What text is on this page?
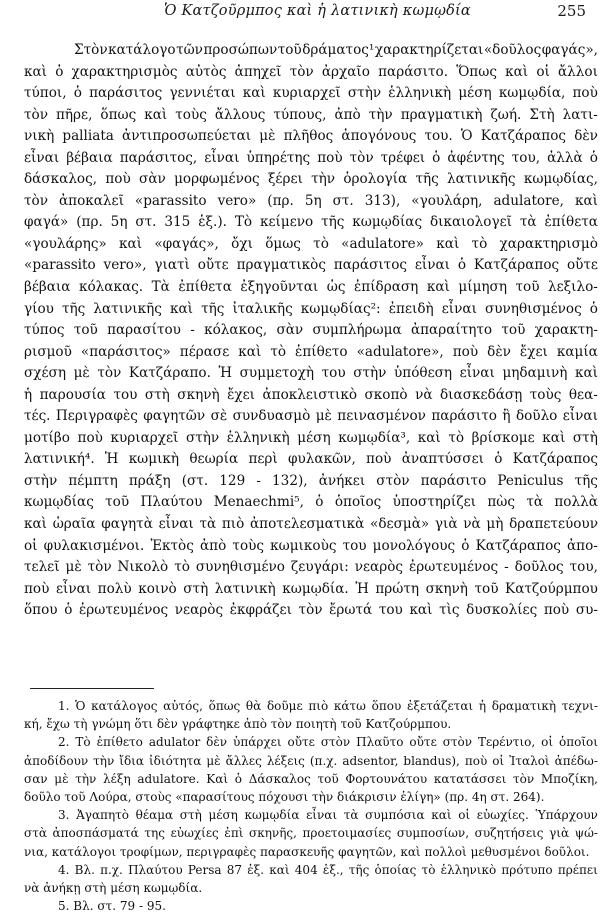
Ὁ Κατζοῦρμπος καὶ ἡ λατινικὴ κωμῳδία	255
Στὸν κατάλογο τῶν προσώπων τοῦ δράματος¹ χαρακτηρίζεται «δοῦλος φαγάς»,
καὶ ὁ χαρακτηρισμὸς αὐτὸς ἀπηχεῖ τὸν ἀρχαῖο παράσιτο. Ὅπως καὶ οἱ ἄλλοι
τύποι, ὁ παράσιτος γεννιέται καὶ κυριαρχεῖ στὴν ἑλληνικὴ μέση κωμῳδία, ποὺ
τὸν πῆρε, ὅπως καὶ τοὺς ἄλλους τύπους, ἀπὸ τὴν πραγματικὴ ζωή. Στὴ λατι-
νικὴ palliata ἀντιπροσωπεύεται μὲ πλῆθος ἀπογόνους του. Ὁ Κατζάραπος δὲν
εἶναι βέβαια παράσιτος, εἶναι ὑπηρέτης ποὺ τὸν τρέφει ὁ ἀφέντης του, ἀλλὰ ὁ
δάσκαλος, ποὺ σὰν μορφωμένος ξέρει τὴν ὁρολογία τῆς λατινικῆς κωμῳδίας,
τὸν ἀποκαλεῖ «parassito vero» (πρ. 5η στ. 313), «γουλάρη, adulatore, καὶ
φαγά» (πρ. 5η στ. 315 ἑξ.). Τὸ κείμενο τῆς κωμῳδίας δικαιολογεῖ τὰ ἐπίθετα
«γουλάρης» καὶ «φαγάς», ὄχι ὅμως τὸ «adulatore» καὶ τὸ χαρακτηρισμὸ
«parassito vero», γιατὶ οὔτε πραγματικὸς παράσιτος εἶναι ὁ Κατζάραπος οὔτε
βέβαια κόλακας. Τὰ ἐπίθετα ἐξηγοῦνται ὡς ἐπίδραση καὶ μίμηση τοῦ λεξιλο-
γίου τῆς λατινικῆς καὶ τῆς ἰταλικῆς κωμῳδίας²: ἐπειδὴ εἶναι συνηθισμένος ὁ
τύπος τοῦ παρασίτου - κόλακος, σὰν συμπλήρωμα ἀπαραίτητο τοῦ χαρακτη-
ρισμοῦ «παράσιτος» πέρασε καὶ τὸ ἐπίθετο «adulatore», ποὺ δὲν ἔχει καμία
σχέση μὲ τὸν Κατζάραπο. Ἡ συμμετοχὴ του στὴν ὑπόθεση εἶναι μηδαμινὴ καὶ
ἡ παρουσία του στὴ σκηνὴ ἔχει ἀποκλειστικὸ σκοπὸ νὰ διασκεδάσῃ τοὺς θεα-
τές. Περιγραφὲς φαγητῶν σὲ συνδυασμὸ μὲ πεινασμένον παράσιτο ἢ δοῦλο εἶναι
μοτίβο ποὺ κυριαρχεῖ στὴν ἑλληνικὴ μέση κωμῳδία³, καὶ τὸ βρίσκομε καὶ στὴ
λατινική⁴. Ἡ κωμικὴ θεωρία περὶ φυλακῶν, ποὺ ἀναπτύσσει ὁ Κατζάραπος
στὴν πέμπτη πράξη (στ. 129 - 132), ἀνήκει στὸν παράσιτο Peniculus τῆς
κωμῳδίας τοῦ Πλαύτου Menaechmi⁵, ὁ ὁποῖος ὑποστηρίζει πὼς τὰ πολλὰ
καὶ ὡραῖα φαγητὰ εἶναι τὰ πιὸ ἀποτελεσματικὰ «δεσμὰ» γιὰ νὰ μὴ δραπετεύουν
οἱ φυλακισμένοι. Ἐκτὸς ἀπὸ τοὺς κωμικοὺς του μονολόγους ὁ Κατζάραπος ἀπο-
τελεῖ μὲ τὸν Νικολὸ τὸ συνηθισμένο ζευγάρι: νεαρὸς ἐρωτευμένος - δοῦλος του,
ποὺ εἶναι πολὺ κοινὸ στὴ λατινικὴ κωμῳδία. Ἡ πρώτη σκηνὴ τοῦ Κατζούρμπου
ὅπου ὁ ἐρωτευμένος νεαρὸς ἐκφράζει τὸν ἔρωτά του καὶ τὶς δυσκολίες ποὺ συ-
1. Ὁ κατάλογος αὐτός, ὅπως θὰ δοῦμε πιὸ κάτω ὅπου ἐξετάζεται ἡ δραματικὴ τεχνι-
κή, ἔχω τὴ γνώμη ὅτι δὲν γράφτηκε ἀπὸ τὸν ποιητὴ τοῦ Κατζούρμπου.
2. Τὸ ἐπίθετο adulator δὲν ὑπάρχει οὔτε στὸν Πλαῦτο οὔτε στὸν Τερέντιο, οἱ ὁποῖοι
ἀποδίδουν τὴν ἴδια ἰδιότητα μὲ ἄλλες λέξεις (π.χ. adsentor, blandus), ποὺ οἱ Ἰταλοὶ ἀπέδω-
σαν μὲ τὴν λέξη adulatore. Καὶ ὁ Δάσκαλος τοῦ Φορτουνάτου κατατάσσει τὸν Μποζίκη,
δοῦλο τοῦ Λούρα, στοὺς «παρασίτους πόχουσι τὴν διάκρισιν ἐλίγη» (πρ. 4η στ. 264).
3. Ἀγαπητὸ θέαμα στὴ μέση κωμῳδία εἶναι τὰ συμπόσια καὶ οἱ εὐωχίες. Ὑπάρχουν
στὰ ἀποσπάσματά της εὐωχίες ἐπὶ σκηνῆς, προετοιμασίες συμποσίων, συζητήσεις γιὰ ψώ-
νια, κατάλογοι τροφίμων, περιγραφὲς παρασκευῆς φαγητῶν, καὶ πολλοὶ μεθυσμένοι δοῦλοι.
4. Βλ. π.χ. Πλαύτου Persa 87 ἑξ. καὶ 404 ἑξ., τῆς ὁποίας τὸ ἑλληνικὸ πρότυπο πρέπει
νὰ ἀνήκῃ στὴ μέση κωμῳδία.
5. Βλ. στ. 79 - 95.
